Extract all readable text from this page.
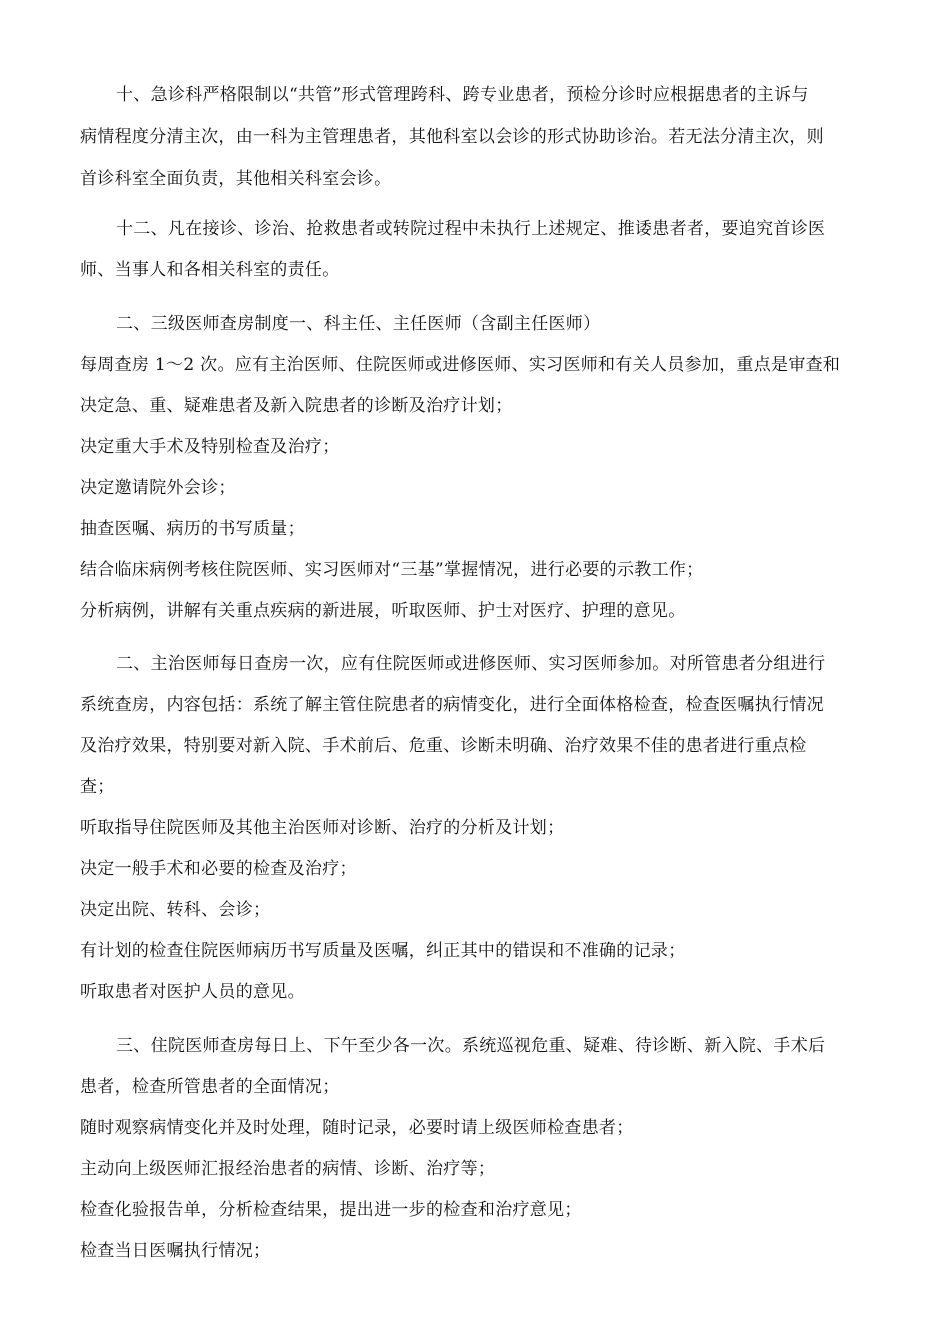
十、急诊科严格限制以“共管”形式管理跨科、跨专业患者，预检分诊时应根据患者的主诉与
病情程度分清主次，由一科为主管理患者，其他科室以会诊的形式协助诊治。若无法分清主次，则
首诊科室全面负责，其他相关科室会诊。
十二、凡在接诊、诊治、抢救患者或转院过程中未执行上述规定、推诿患者者，要追究首诊医
师、当事人和各相关科室的责任。
二、三级医师查房制度一、科主任、主任医师（含副主任医师）
每周查房 1～2 次。应有主治医师、住院医师或进修医师、实习医师和有关人员参加，重点是审查和
决定急、重、疑难患者及新入院患者的诊断及治疗计划；
决定重大手术及特别检查及治疗；
决定邀请院外会诊；
抽查医嘱、病历的书写质量；
结合临床病例考核住院医师、实习医师对“三基”掌握情况，进行必要的示教工作；
分析病例，讲解有关重点疾病的新进展，听取医师、护士对医疗、护理的意见。
二、主治医师每日查房一次，应有住院医师或进修医师、实习医师参加。对所管患者分组进行
系统查房，内容包括：系统了解主管住院患者的病情变化，进行全面体格检查，检查医嘱执行情况
及治疗效果，特别要对新入院、手术前后、危重、诊断未明确、治疗效果不佳的患者进行重点检
查；
听取指导住院医师及其他主治医师对诊断、治疗的分析及计划；
决定一般手术和必要的检查及治疗；
决定出院、转科、会诊；
有计划的检查住院医师病历书写质量及医嘱，纠正其中的错误和不准确的记录；
听取患者对医护人员的意见。
三、住院医师查房每日上、下午至少各一次。系统巡视危重、疑难、待诊断、新入院、手术后
患者，检查所管患者的全面情况；
随时观察病情变化并及时处理，随时记录，必要时请上级医师检查患者；
主动向上级医师汇报经治患者的病情、诊断、治疗等；
检查化验报告单，分析检查结果，提出进一步的检查和治疗意见；
检查当日医嘱执行情况；
